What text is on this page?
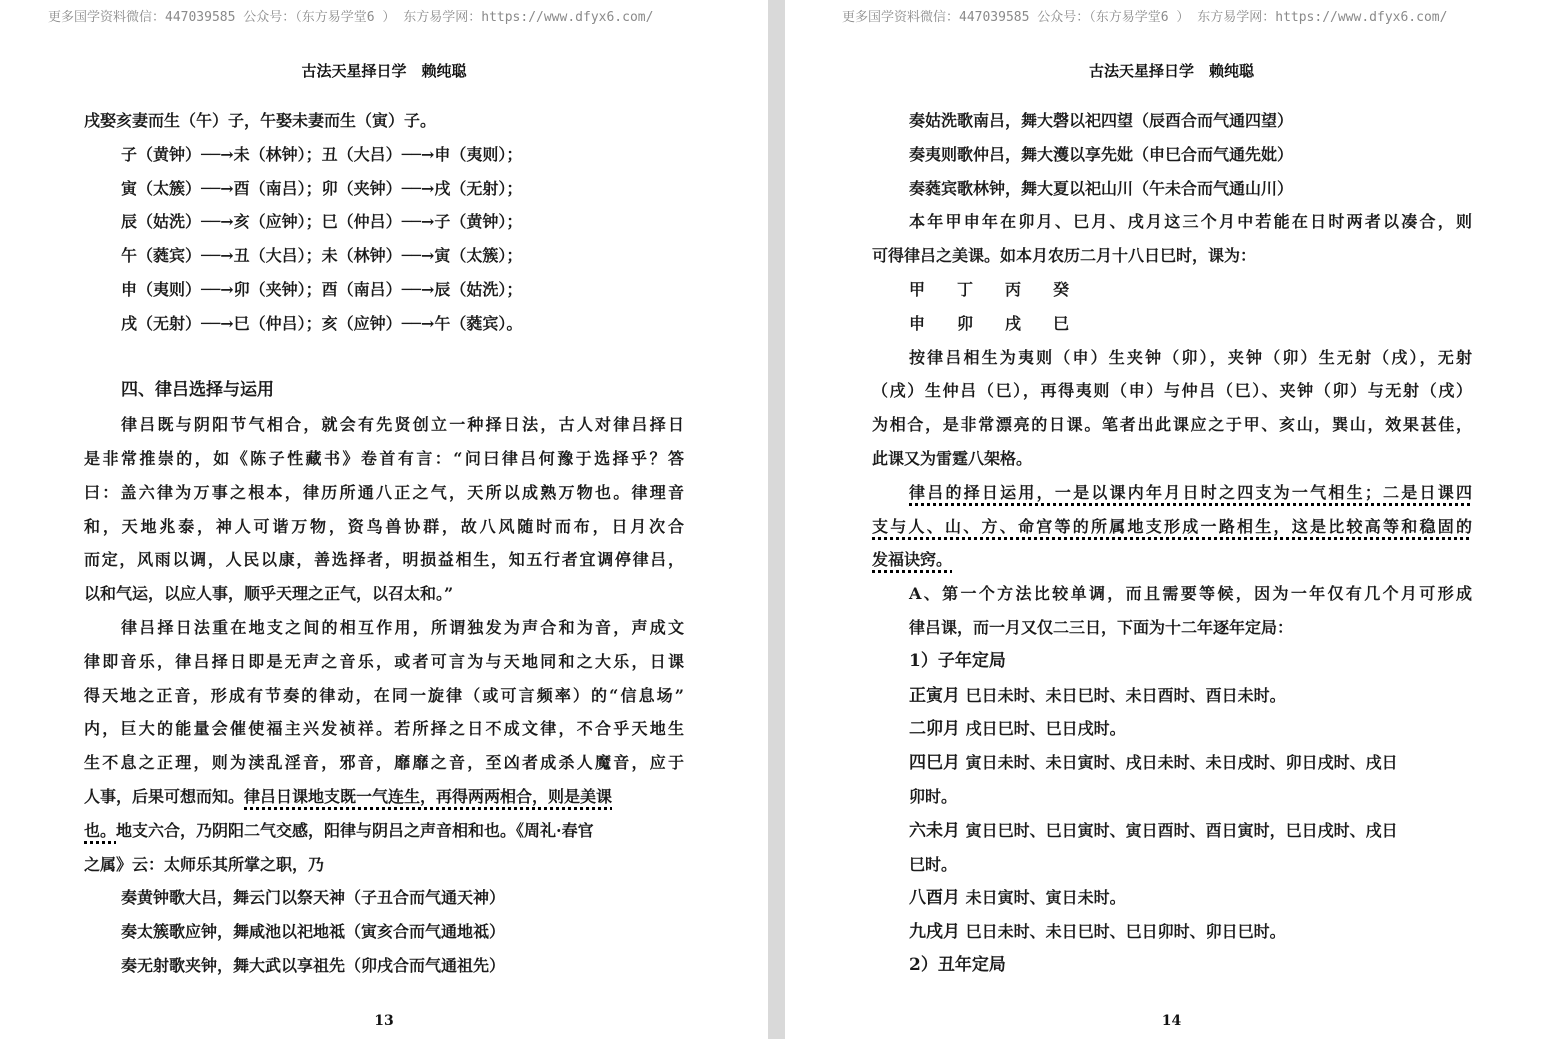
更多国学资料微信：447039585 公众号：（东方易学堂6 ） 东方易学网：https://www.dfyx6.com/
古法天星择日学　赖纯聪
戌娶亥妻而生（午）子，午娶未妻而生（寅）子。
子（黄钟）──→未（林钟）；丑（大吕）──→申（夷则）；
寅（太簇）──→酉（南吕）；卯（夹钟）──→戌（无射）；
辰（姑洗）──→亥（应钟）；巳（仲吕）──→子（黄钟）；
午（蕤宾）──→丑（大吕）；未（林钟）──→寅（太簇）；
申（夷则）──→卯（夹钟）；酉（南吕）──→辰（姑洗）；
戌（无射）──→巳（仲吕）；亥（应钟）──→午（蕤宾）。
四、律吕选择与运用
律吕既与阴阳节气相合，就会有先贤创立一种择日法，古人对律吕择日
是非常推崇的，如《陈子性藏书》卷首有言：“问曰律吕何豫于选择乎？答
曰：盖六律为万事之根本，律历所通八正之气，天所以成熟万物也。律理音
和，天地兆泰，神人可谐万物，资鸟兽协群，故八风随时而布，日月次合
而定，风雨以调，人民以康，善选择者，明损益相生，知五行者宜调停律吕，
以和气运，以应人事，顺乎天理之正气，以召太和。”
律吕择日法重在地支之间的相互作用，所谓独发为声合和为音，声成文
律即音乐，律吕择日即是无声之音乐，或者可言为与天地同和之大乐，日课
得天地之正音，形成有节奏的律动，在同一旋律（或可言频率）的“信息场”
内，巨大的能量会催使福主兴发祯祥。若所择之日不成文律，不合乎天地生
生不息之正理，则为渎乱淫音，邪音，靡靡之音，至凶者成杀人魔音，应于
人事，后果可想而知。律吕日课地支既一气连生，再得两两相合，则是美课
也。地支六合，乃阴阳二气交感，阳律与阴吕之声音相和也。《周礼·春官
之属》云：太师乐其所掌之职，乃
奏黄钟歌大吕，舞云门以祭天神（子丑合而气通天神）
奏太簇歌应钟，舞咸池以祀地祗（寅亥合而气通地祗）
奏无射歌夹钟，舞大武以享祖先（卯戌合而气通祖先）
13
更多国学资料微信：447039585 公众号：（东方易学堂6 ） 东方易学网：https://www.dfyx6.com/
古法天星择日学　赖纯聪
奏姑洗歌南吕，舞大磬以祀四望（辰酉合而气通四望）
奏夷则歌仲吕，舞大濩以享先妣（申巳合而气通先妣）
奏蕤宾歌林钟，舞大夏以祀山川（午未合而气通山川）
本年甲申年在卯月、巳月、戌月这三个月中若能在日时两者以凑合，则
可得律吕之美课。如本月农历二月十八日巳时，课为：
甲 丁 丙 癸
申 卯 戌 巳
按律吕相生为夷则（申）生夹钟（卯），夹钟（卯）生无射（戌），无射
（戌）生仲吕（巳），再得夷则（申）与仲吕（巳）、夹钟（卯）与无射（戌）
为相合，是非常漂亮的日课。笔者出此课应之于甲、亥山，巽山，效果甚佳，
此课又为雷霆八架格。
律吕的择日运用，一是以课内年月日时之四支为一气相生；二是日课四
支与人、山、方、命宫等的所属地支形成一路相生，这是比较高等和稳固的
发福诀窍。
A、第一个方法比较单调，而且需要等候，因为一年仅有几个月可形成
律吕课，而一月又仅二三日，下面为十二年逐年定局：
1）子年定局
正寅月 巳日未时、未日巳时、未日酉时、酉日未时。
二卯月 戌日巳时、巳日戌时。
四巳月 寅日未时、未日寅时、戌日未时、未日戌时、卯日戌时、戌日
卯时。
六未月 寅日巳时、巳日寅时、寅日酉时、酉日寅时，巳日戌时、戌日
巳时。
八酉月 未日寅时、寅日未时。
九戌月 巳日未时、未日巳时、巳日卯时、卯日巳时。
2）丑年定局
14
